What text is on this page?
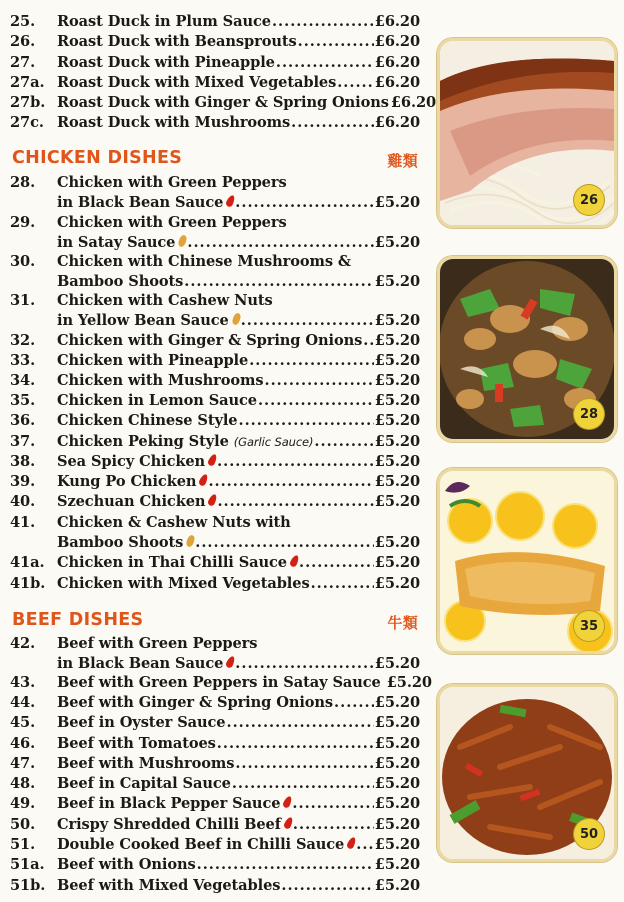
25.	Roast Duck in Plum Sauce .....	£6.20
26.	Roast Duck with Beansprouts .....	£6.20
27.	Roast Duck with Pineapple .....	£6.20
27a. Roast Duck with Mixed Vegetables .....	£6.20
27b. Roast Duck with Ginger & Spring Onions £6.20
27c. Roast Duck with Mushrooms .....	£6.20
CHICKEN DISHES	雞類
28.	Chicken with Green Peppers
in Black Bean Sauce .....	£5.20
29.	Chicken with Green Peppers
in Satay Sauce .....	£5.20
30.	Chicken with Chinese Mushrooms &
Bamboo Shoots .....	£5.20
31.	Chicken with Cashew Nuts
in Yellow Bean Sauce .....	£5.20
32.	Chicken with Ginger & Spring Onions ..... £5.20
33.	Chicken with Pineapple .....	£5.20
34.	Chicken with Mushrooms .....	£5.20
35.	Chicken in Lemon Sauce .....	£5.20
36.	Chicken Chinese Style .....	£5.20
37.	Chicken Peking Style (Garlic Sauce) .....	£5.20
38.	Sea Spicy Chicken .....	£5.20
39.	Kung Po Chicken .....	£5.20
40.	Szechuan Chicken .....	£5.20
41.	Chicken & Cashew Nuts with
Bamboo Shoots .....	£5.20
41a. Chicken in Thai Chilli Sauce .....	£5.20
41b. Chicken with Mixed Vegetables .....	£5.20
BEEF DISHES	牛類
42.	Beef with Green Peppers
in Black Bean Sauce .....	£5.20
43.	Beef with Green Peppers in Satay Sauce £5.20
44.	Beef with Ginger & Spring Onions .....	£5.20
45.	Beef in Oyster Sauce .....	£5.20
46.	Beef with Tomatoes .....	£5.20
47.	Beef with Mushrooms .....	£5.20
48.	Beef in Capital Sauce .....	£5.20
49.	Beef in Black Pepper Sauce .....	£5.20
50.	Crispy Shredded Chilli Beef .....	£5.20
51.	Double Cooked Beef in Chilli Sauce ..... £5.20
51a. Beef with Onions .....	£5.20
51b. Beef with Mixed Vegetables .....	£5.20
26
28
35
50
